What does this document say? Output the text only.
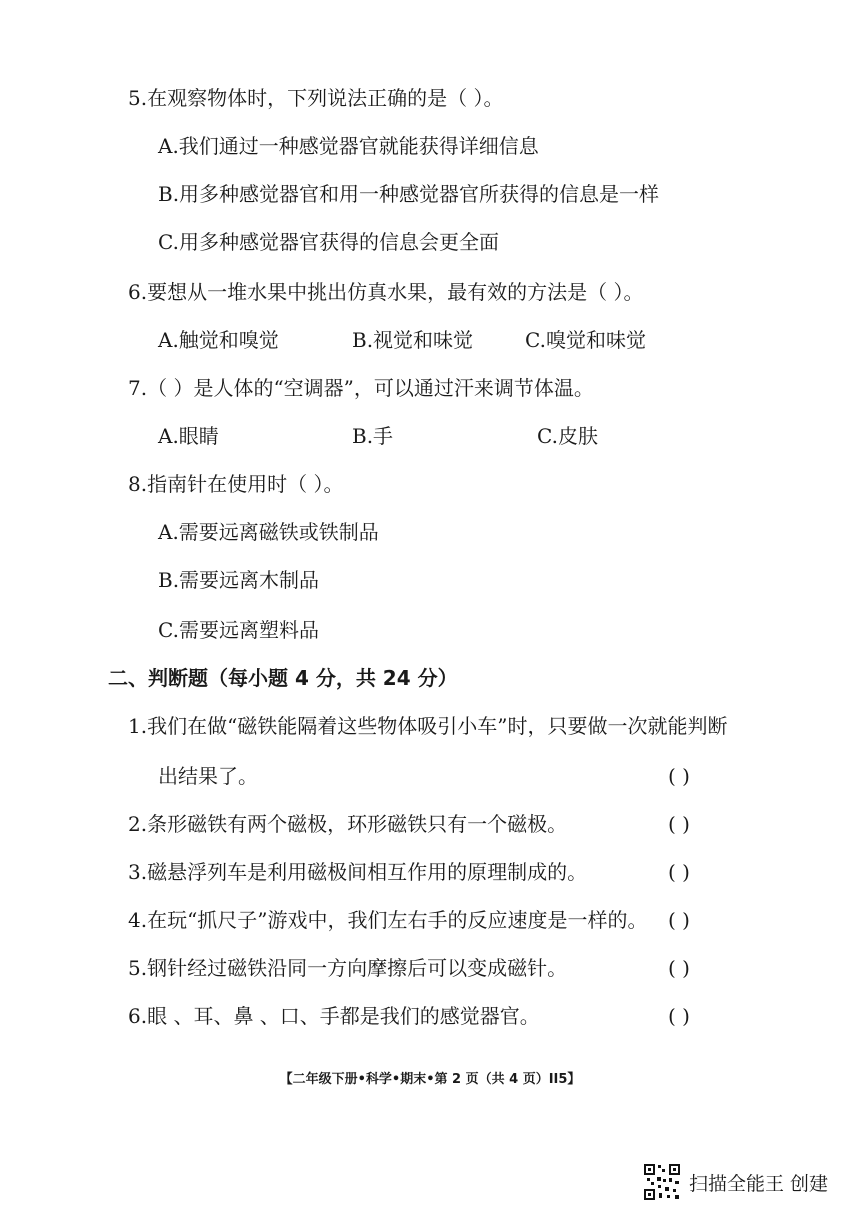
5.在观察物体时，下列说法正确的是（ ）。
A.我们通过一种感觉器官就能获得详细信息
B.用多种感觉器官和用一种感觉器官所获得的信息是一样
C.用多种感觉器官获得的信息会更全面
6.要想从一堆水果中挑出仿真水果，最有效的方法是（ ）。
A.触觉和嗅觉	B.视觉和味觉	C.嗅觉和味觉
7.（ ）是人体的“空调器”，可以通过汗来调节体温。
A.眼睛	B.手	C.皮肤
8.指南针在使用时（ ）。
A.需要远离磁铁或铁制品
B.需要远离木制品
C.需要远离塑料品
二、判断题（每小题 4 分，共 24 分）
1.我们在做“磁铁能隔着这些物体吸引小车”时，只要做一次就能判断
出结果了。	( )
2.条形磁铁有两个磁极，环形磁铁只有一个磁极。	( )
3.磁悬浮列车是利用磁极间相互作用的原理制成的。	( )
4.在玩“抓尺子”游戏中，我们左右手的反应速度是一样的。 ( )
5.钢针经过磁铁沿同一方向摩擦后可以变成磁针。	( )
6.眼 、耳、鼻 、口、手都是我们的感觉器官。	( )
【二年级下册•科学•期末•第 2 页（共 4 页）II5】
扫描全能王 创建
